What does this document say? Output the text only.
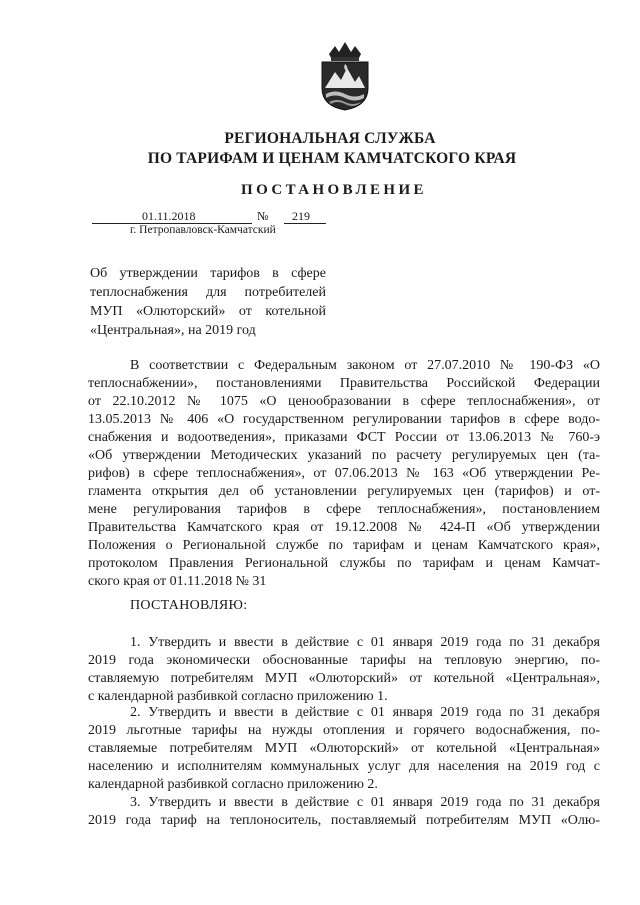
РЕГИОНАЛЬНАЯ СЛУЖБА
ПО ТАРИФАМ И ЦЕНАМ КАМЧАТСКОГО КРАЯ
ПОСТАНОВЛЕНИЕ
01.11.2018	№ 219
г. Петропавловск-Камчатский
Об утверждении тарифов в сфере
теплоснабжения для потребителей
МУП «Олюторский» от котельной
«Центральная», на 2019 год
В соответствии с Федеральным законом от 27.07.2010 № 190-ФЗ «О
теплоснабжении», постановлениями Правительства Российской Федерации
от 22.10.2012 № 1075 «О ценообразовании в сфере теплоснабжения», от
13.05.2013 № 406 «О государственном регулировании тарифов в сфере водо-
снабжения и водоотведения», приказами ФСТ России от 13.06.2013 № 760-э
«Об утверждении Методических указаний по расчету регулируемых цен (та-
рифов) в сфере теплоснабжения», от 07.06.2013 № 163 «Об утверждении Ре-
гламента открытия дел об установлении регулируемых цен (тарифов) и от-
мене регулирования тарифов в сфере теплоснабжения», постановлением
Правительства Камчатского края от 19.12.2008 № 424-П «Об утверждении
Положения о Региональной службе по тарифам и ценам Камчатского края»,
протоколом Правления Региональной службы по тарифам и ценам Камчат-
ского края от 01.11.2018 № 31
ПОСТАНОВЛЯЮ:
1. Утвердить и ввести в действие с 01 января 2019 года по 31 декабря
2019 года экономически обоснованные тарифы на тепловую энергию, по-
ставляемую потребителям МУП «Олюторский» от котельной «Центральная»,
с календарной разбивкой согласно приложению 1.
2. Утвердить и ввести в действие с 01 января 2019 года по 31 декабря
2019 льготные тарифы на нужды отопления и горячего водоснабжения, по-
ставляемые потребителям МУП «Олюторский» от котельной «Центральная»
населению и исполнителям коммунальных услуг для населения на 2019 год с
календарной разбивкой согласно приложению 2.
3. Утвердить и ввести в действие с 01 января 2019 года по 31 декабря
2019 года тариф на теплоноситель, поставляемый потребителям МУП «Олю-
